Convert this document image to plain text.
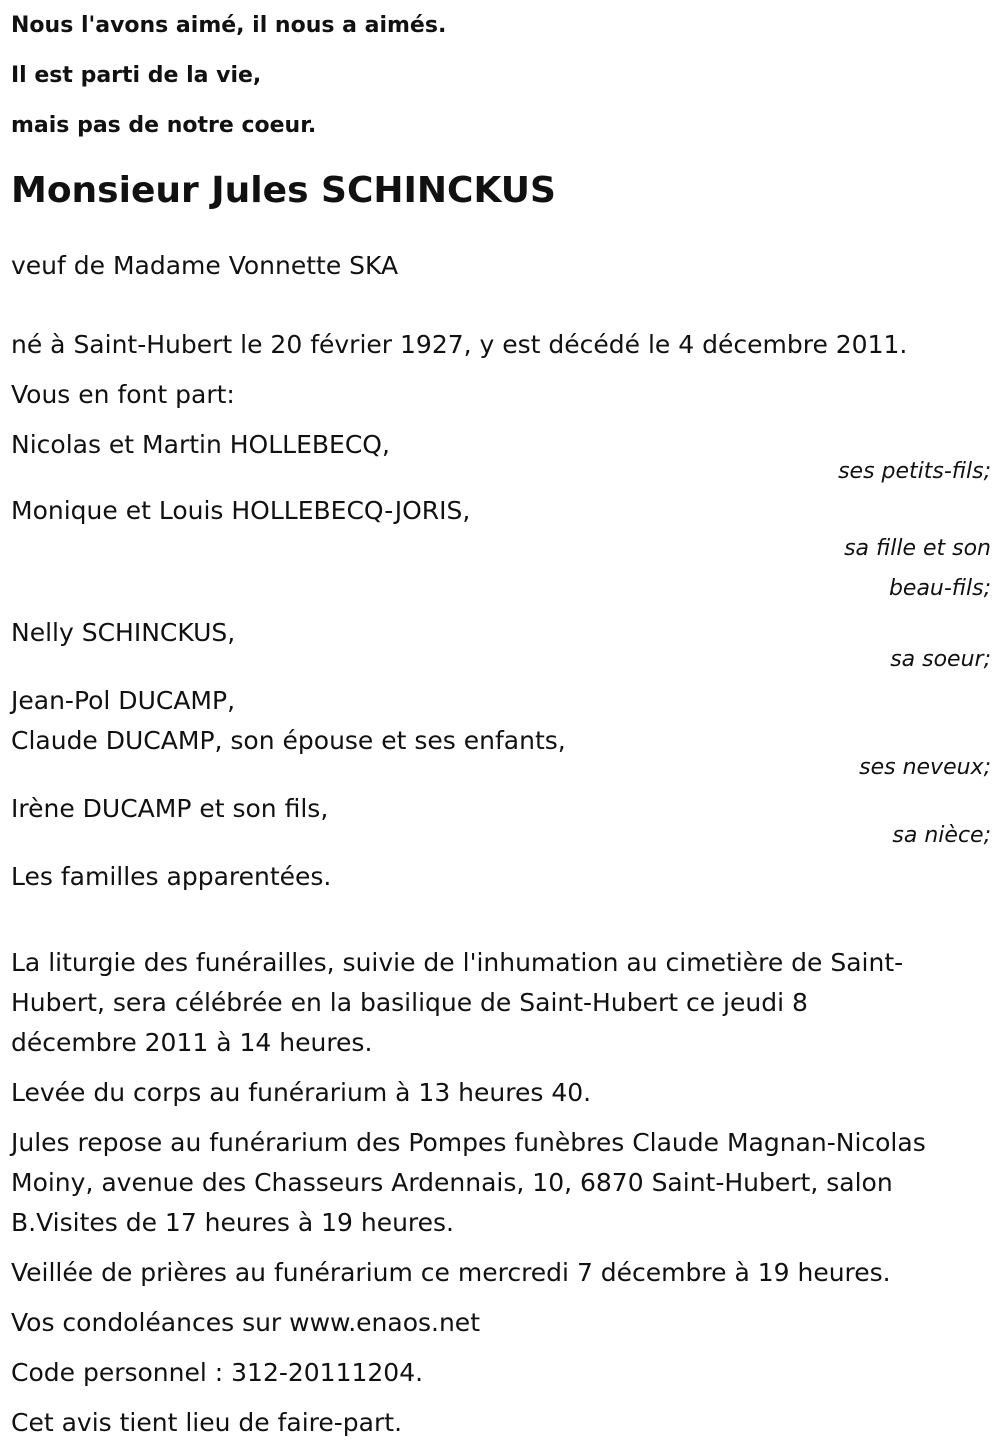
Nous l'avons aimé, il nous a aimés.

Il est parti de la vie,

mais pas de notre coeur.

Monsieur Jules SCHINCKUS

veuf de Madame Vonnette SKA

né à Saint-Hubert le 20 février 1927, y est décédé le 4 décembre 2011.

Vous en font part:

Nicolas et Martin HOLLEBECQ,

ses petits-fils;

Monique et Louis HOLLEBECQ-JORIS,

sa fille et son

beau-fils;

Nelly SCHINCKUS,

sa soeur;

Jean-Pol DUCAMP,

Claude DUCAMP, son épouse et ses enfants,

ses neveux;

Irène DUCAMP et son fils,

sa nièce;

Les familles apparentées.

La liturgie des funérailles, suivie de l'inhumation au cimetière de Saint-

Hubert, sera célébrée en la basilique de Saint-Hubert ce jeudi 8

décembre 2011 à 14 heures.

Levée du corps au funérarium à 13 heures 40.

Jules repose au funérarium des Pompes funèbres Claude Magnan-Nicolas

Moiny, avenue des Chasseurs Ardennais, 10, 6870 Saint-Hubert, salon

B.Visites de 17 heures à 19 heures.

Veillée de prières au funérarium ce mercredi 7 décembre à 19 heures.

Vos condoléances sur www.enaos.net

Code personnel : 312-20111204.

Cet avis tient lieu de faire-part.
